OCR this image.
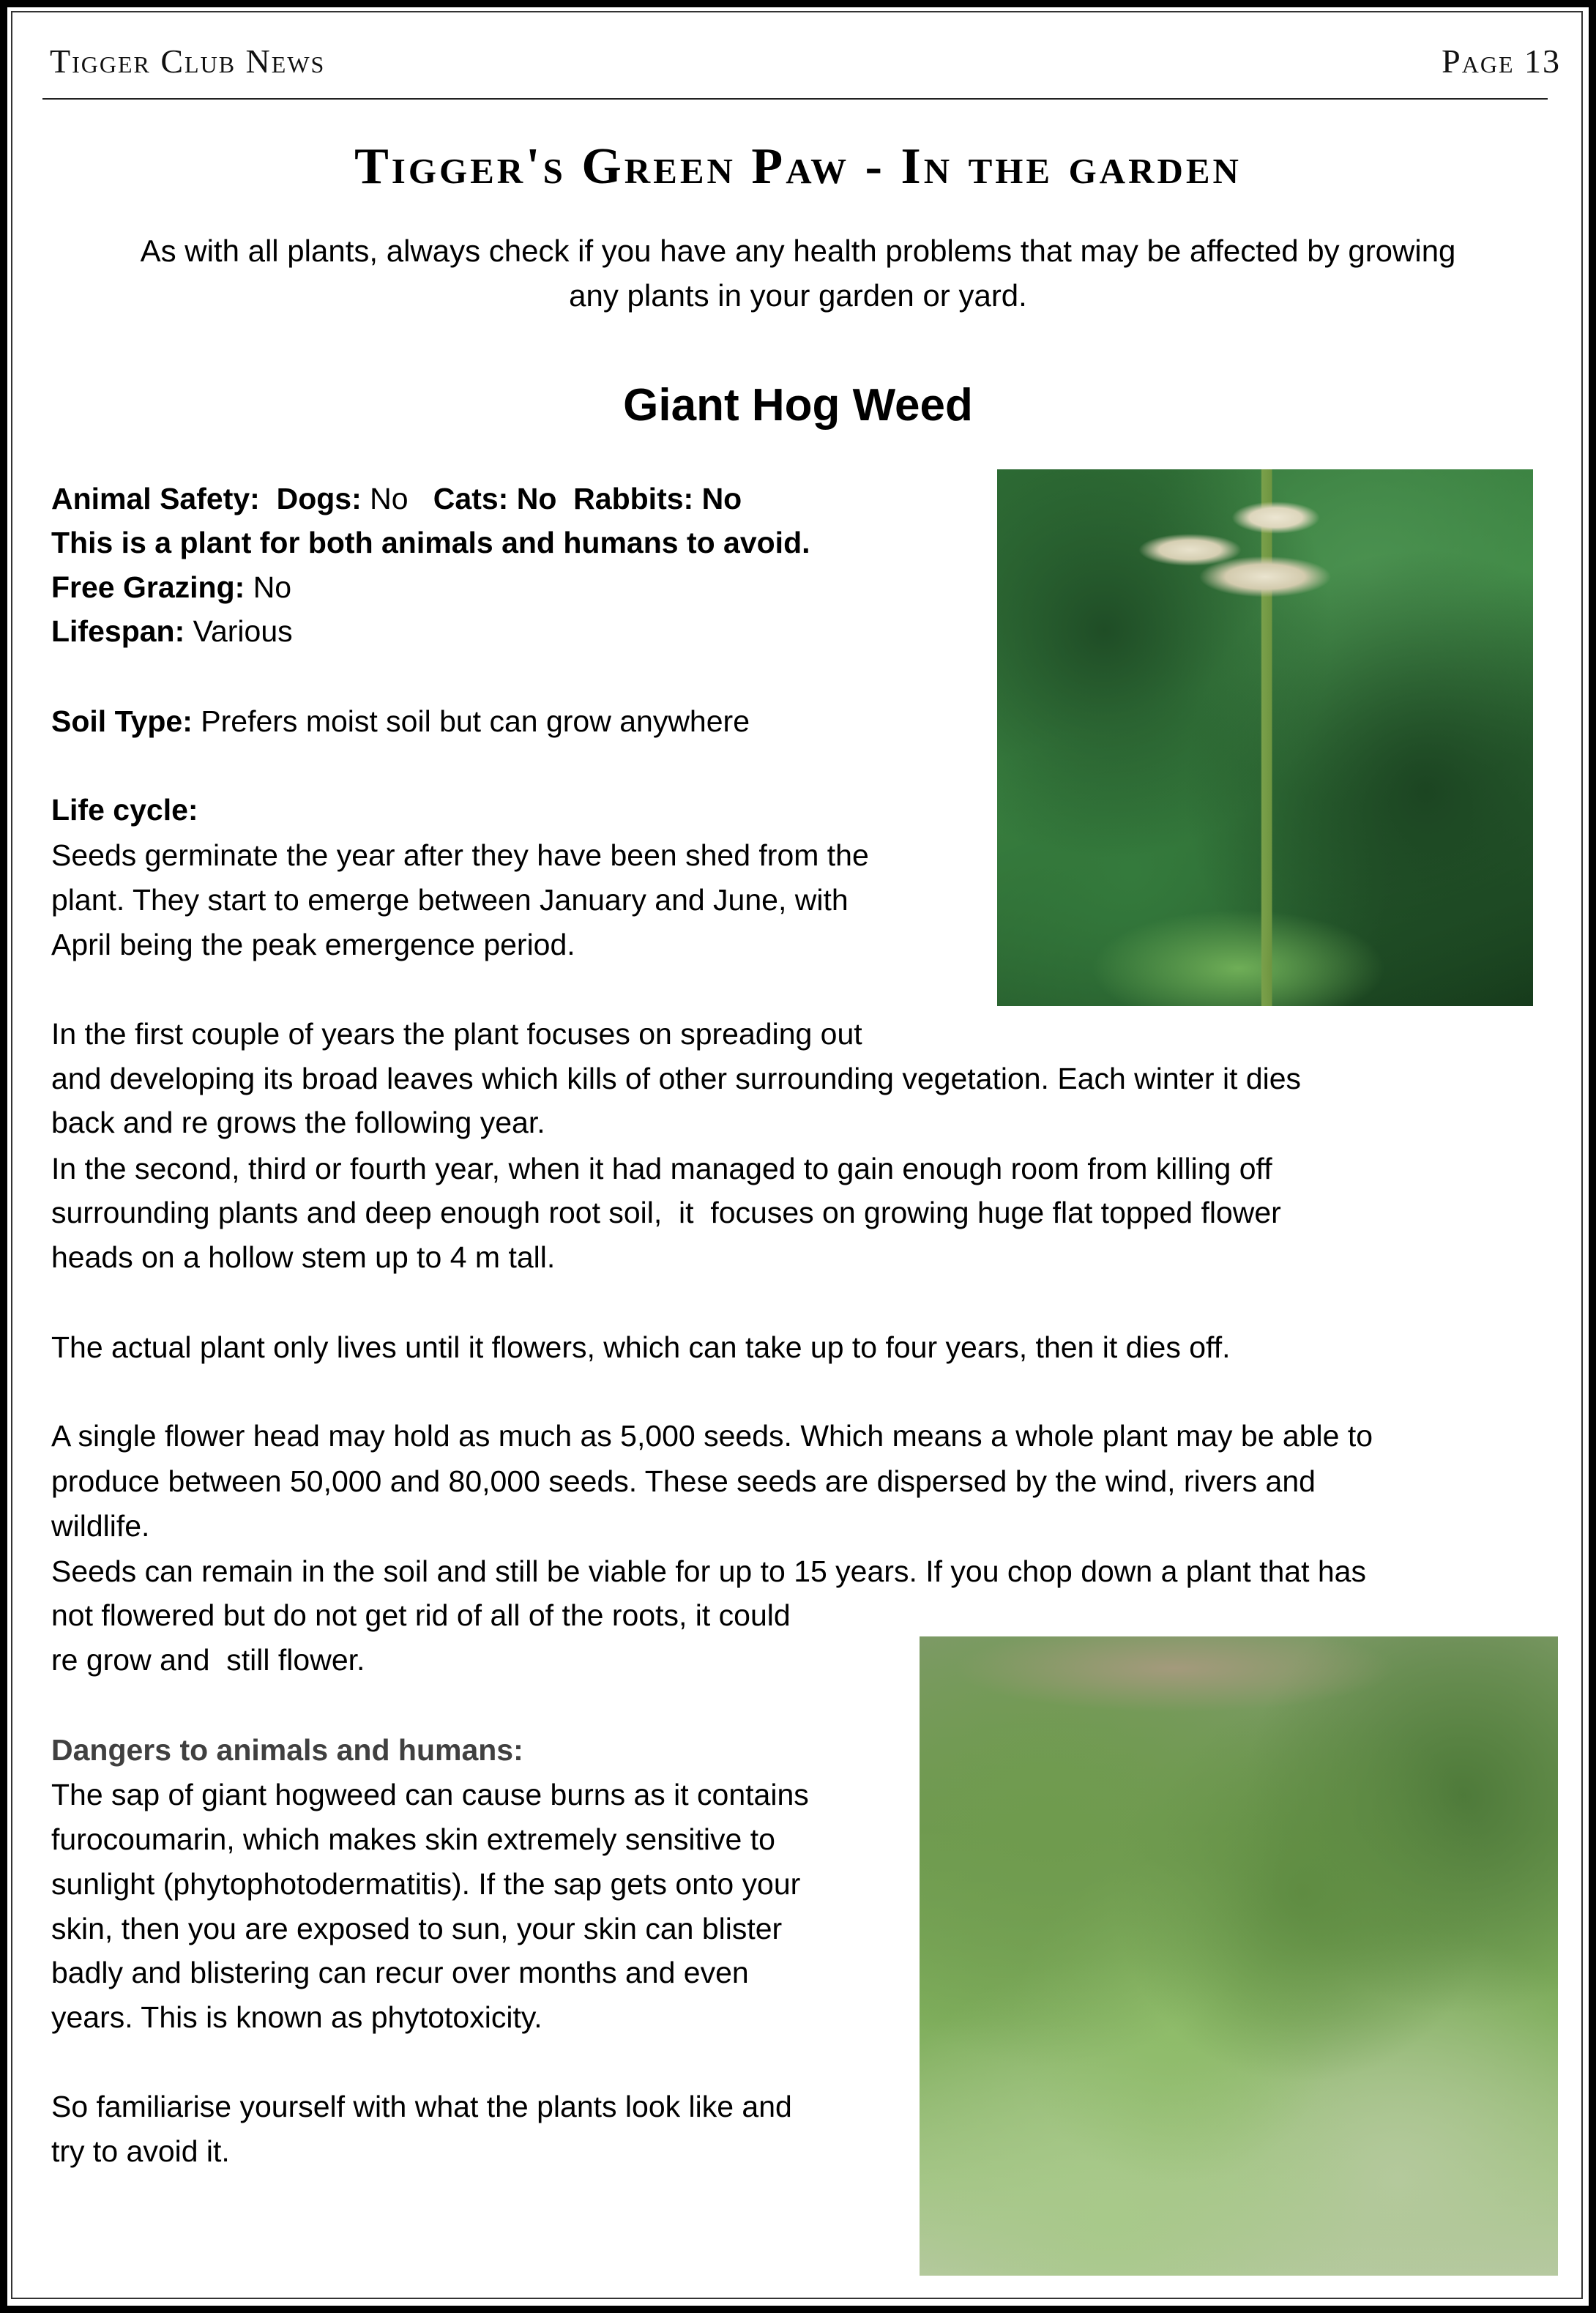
Tigger Club News	Page 13
Tigger's Green Paw - In the garden
As with all plants, always check if you have any health problems that may be affected by growing
any plants in your garden or yard.
Giant Hog Weed
Animal Safety: Dogs: No Cats: No Rabbits: No
This is a plant for both animals and humans to avoid.
Free Grazing: No
Lifespan: Various
Soil Type: Prefers moist soil but can grow anywhere
Life cycle:
Seeds germinate the year after they have been shed from the
plant. They start to emerge between January and June, with
April being the peak emergence period.
In the first couple of years the plant focuses on spreading out
and developing its broad leaves which kills of other surrounding vegetation. Each winter it dies
back and re grows the following year.
In the second, third or fourth year, when it had managed to gain enough room from killing off
surrounding plants and deep enough root soil,  it  focuses on growing huge flat topped flower
heads on a hollow stem up to 4 m tall.
The actual plant only lives until it flowers, which can take up to four years, then it dies off.
A single flower head may hold as much as 5,000 seeds. Which means a whole plant may be able to
produce between 50,000 and 80,000 seeds. These seeds are dispersed by the wind, rivers and
wildlife.
Seeds can remain in the soil and still be viable for up to 15 years. If you chop down a plant that has
not flowered but do not get rid of all of the roots, it could
re grow and  still flower.
Dangers to animals and humans:
The sap of giant hogweed can cause burns as it contains
furocoumarin, which makes skin extremely sensitive to
sunlight (phytophotodermatitis). If the sap gets onto your
skin, then you are exposed to sun, your skin can blister
badly and blistering can recur over months and even
years. This is known as phytotoxicity.
So familiarise yourself with what the plants look like and
try to avoid it.
